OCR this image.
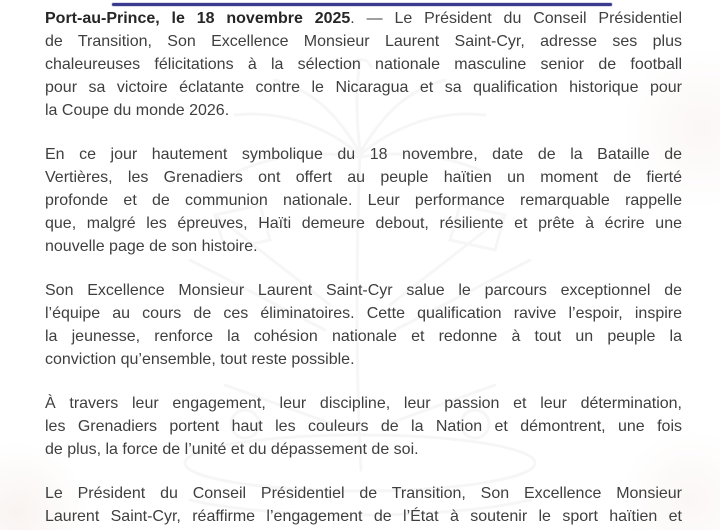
Port-au-Prince, le 18 novembre 2025. — Le Président du Conseil Présidentiel
de Transition, Son Excellence Monsieur Laurent Saint-Cyr, adresse ses plus
chaleureuses félicitations à la sélection nationale masculine senior de football
pour sa victoire éclatante contre le Nicaragua et sa qualification historique pour
la Coupe du monde 2026.
En ce jour hautement symbolique du 18 novembre, date de la Bataille de
Vertières, les Grenadiers ont offert au peuple haïtien un moment de fierté
profonde et de communion nationale. Leur performance remarquable rappelle
que, malgré les épreuves, Haïti demeure debout, résiliente et prête à écrire une
nouvelle page de son histoire.
Son Excellence Monsieur Laurent Saint-Cyr salue le parcours exceptionnel de
l’équipe au cours de ces éliminatoires. Cette qualification ravive l’espoir, inspire
la jeunesse, renforce la cohésion nationale et redonne à tout un peuple la
conviction qu’ensemble, tout reste possible.
À travers leur engagement, leur discipline, leur passion et leur détermination,
les Grenadiers portent haut les couleurs de la Nation et démontrent, une fois
de plus, la force de l’unité et du dépassement de soi.
Le Président du Conseil Présidentiel de Transition, Son Excellence Monsieur
Laurent Saint-Cyr, réaffirme l’engagement de l’État à soutenir le sport haïtien et
